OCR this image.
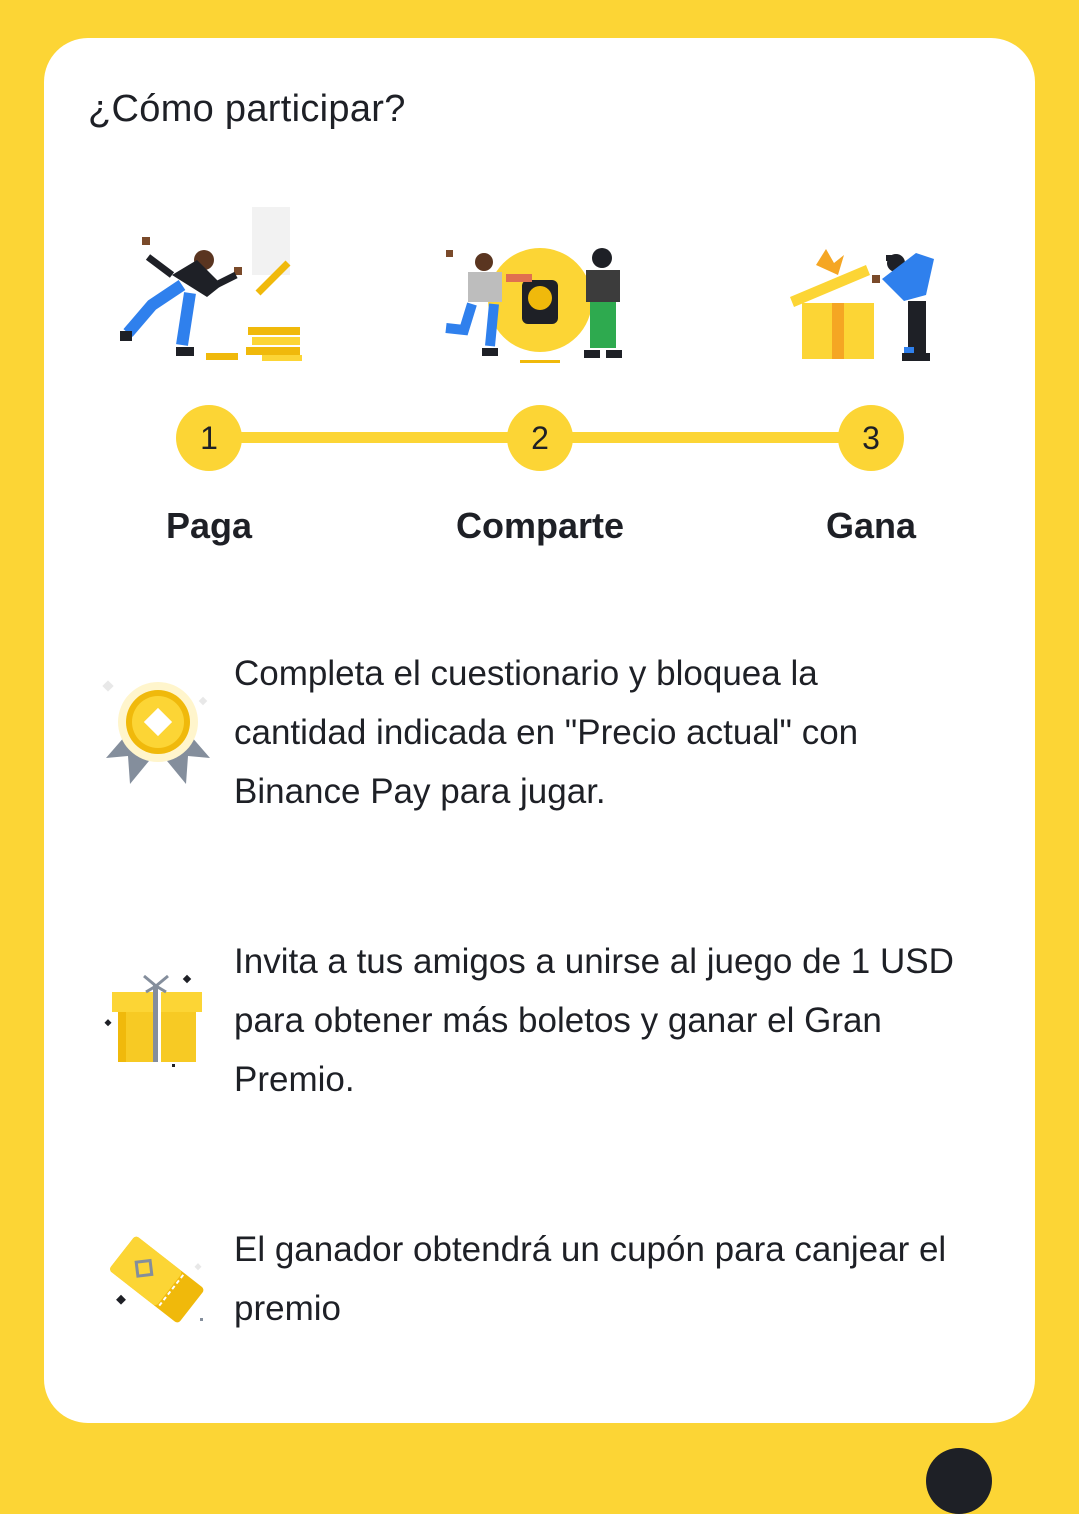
¿Cómo participar?
1	2	3
Paga	Comparte	Gana
Completa el cuestionario y bloquea la cantidad indicada en "Precio actual" con Binance Pay para jugar.
Invita a tus amigos a unirse al juego de 1 USD para obtener más boletos y ganar el Gran Premio.
El ganador obtendrá un cupón para canjear el premio
